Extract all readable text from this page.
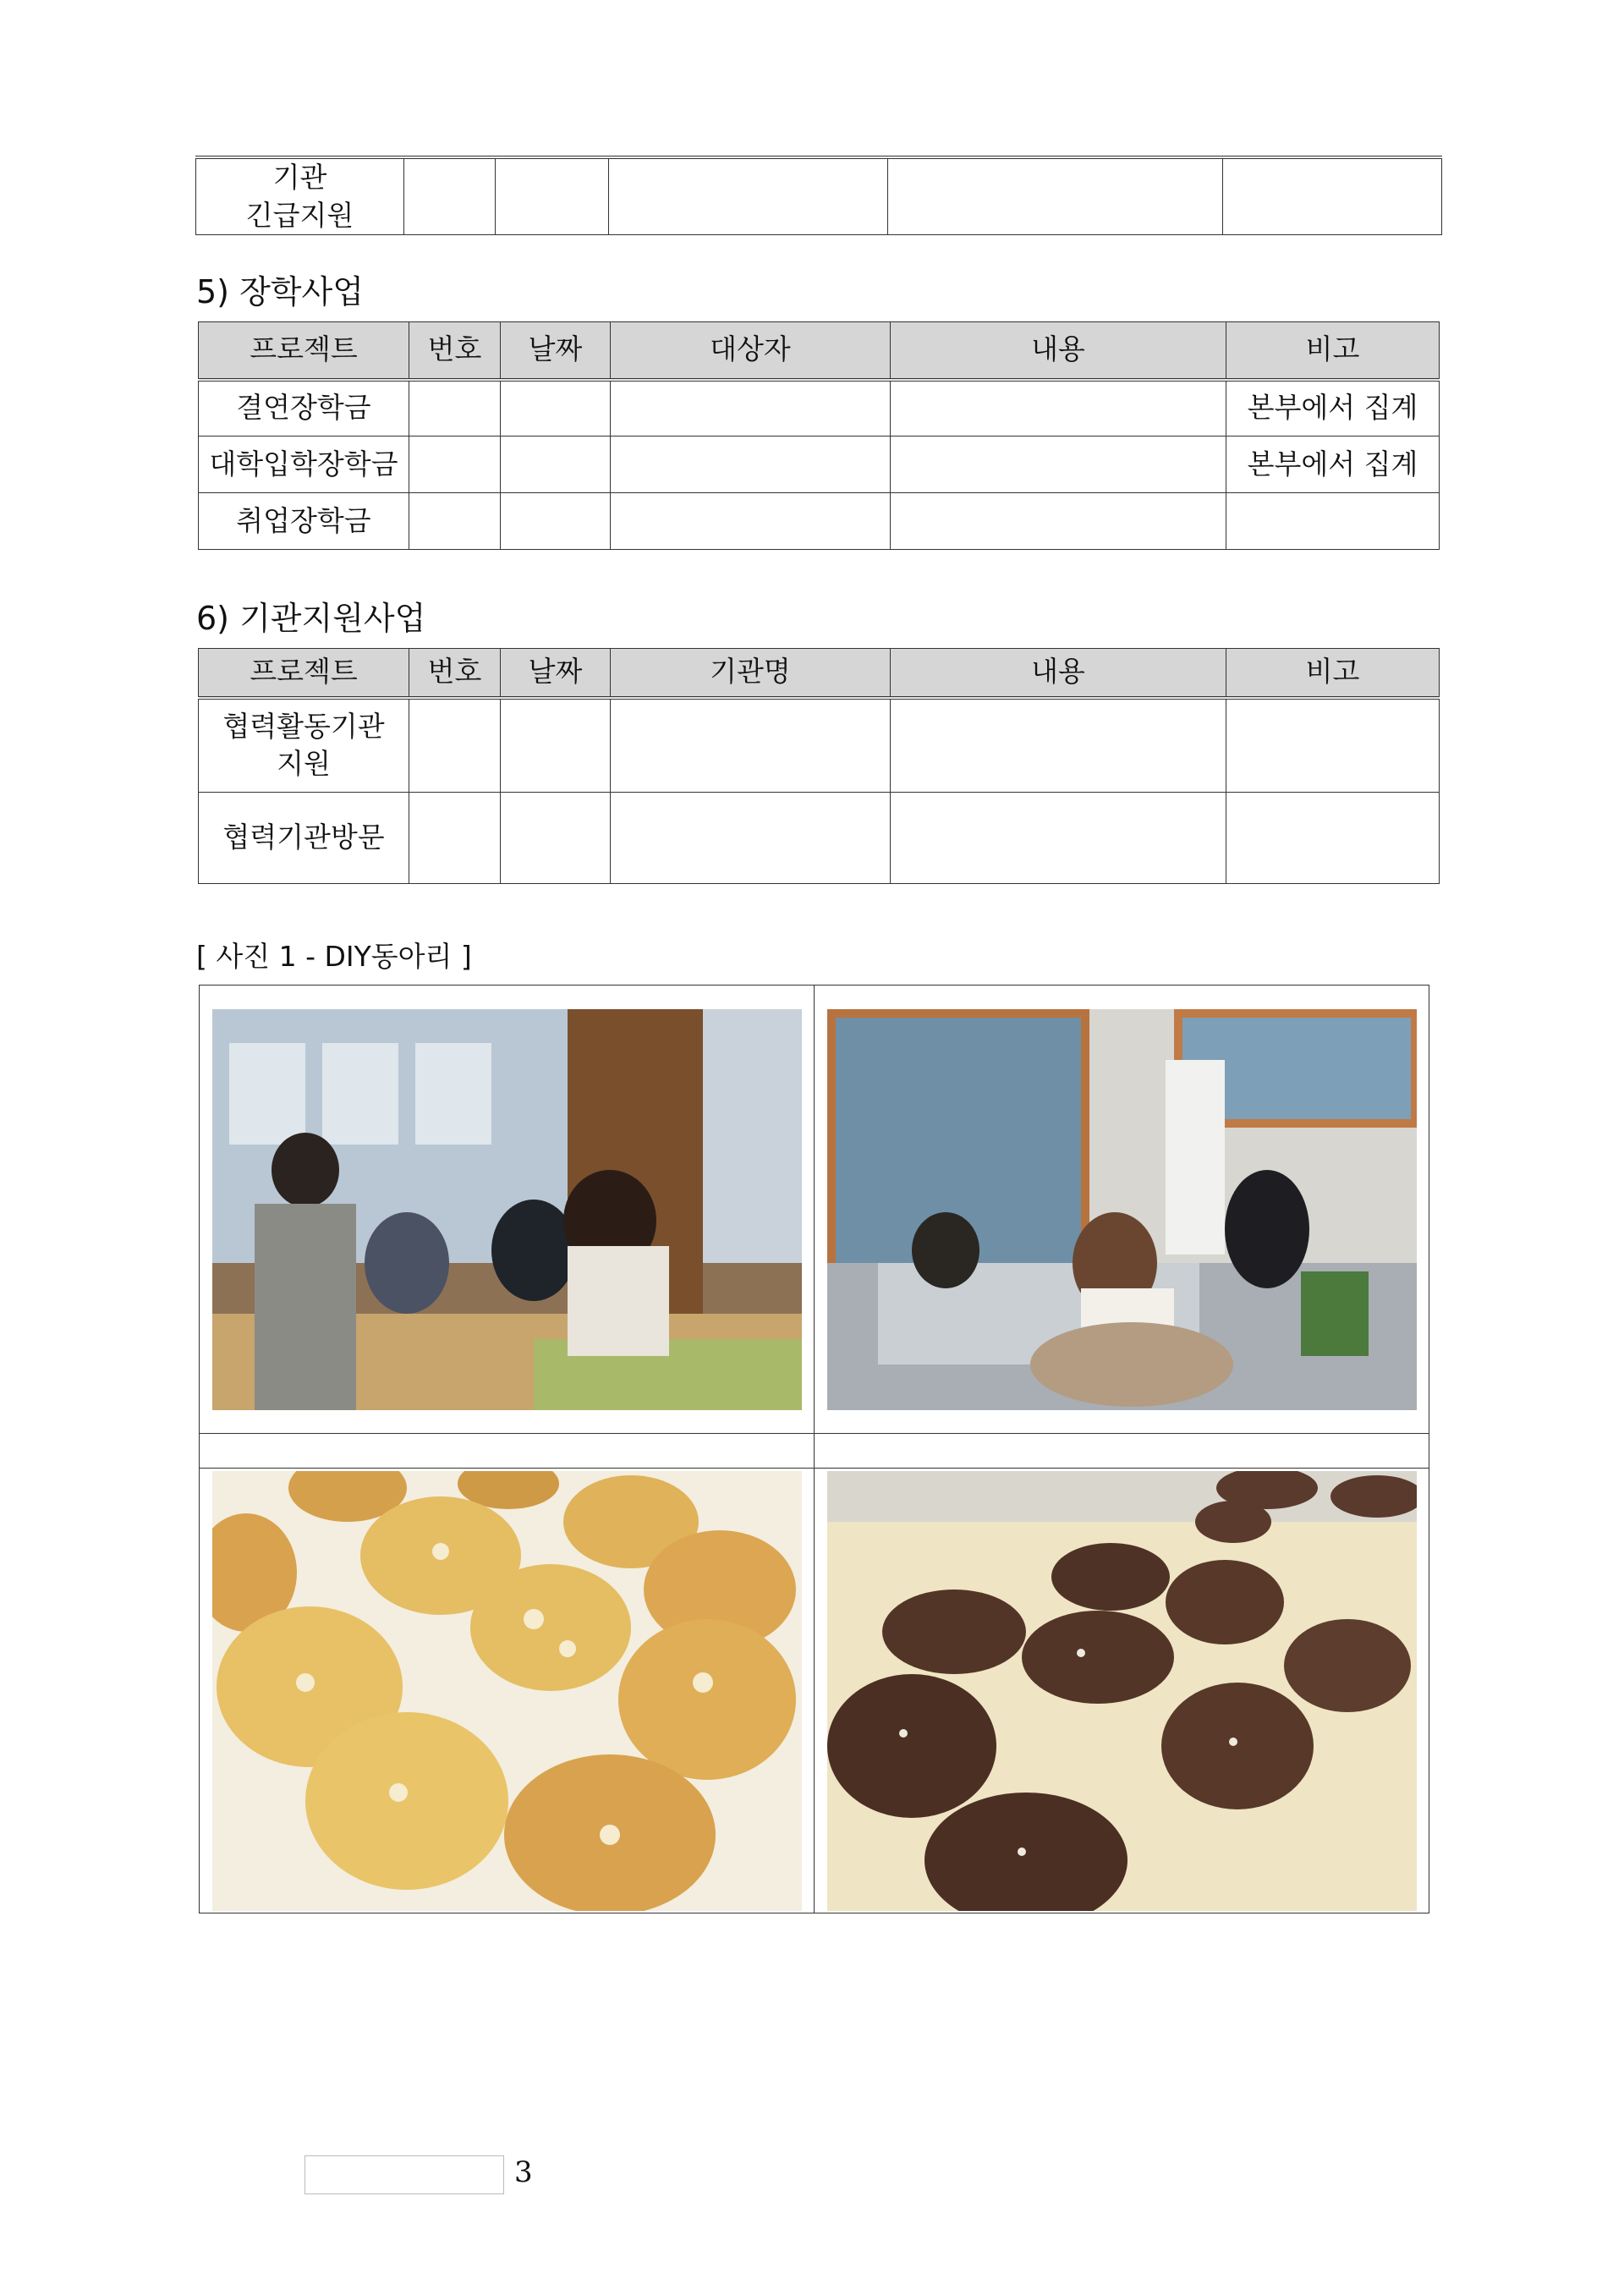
기관
긴급지원

5) 장학사업
프로젝트	번호	날짜	대상자	내용	비고
결연장학금					본부에서 집계
대학입학장학금					본부에서 집계
취업장학금					
6) 기관지원사업
프로젝트	번호	날짜	기관명	내용	비고

협력활동기관
지원					

협력기관방문					

[ 사진 1 - DIY동아리 ]

3
